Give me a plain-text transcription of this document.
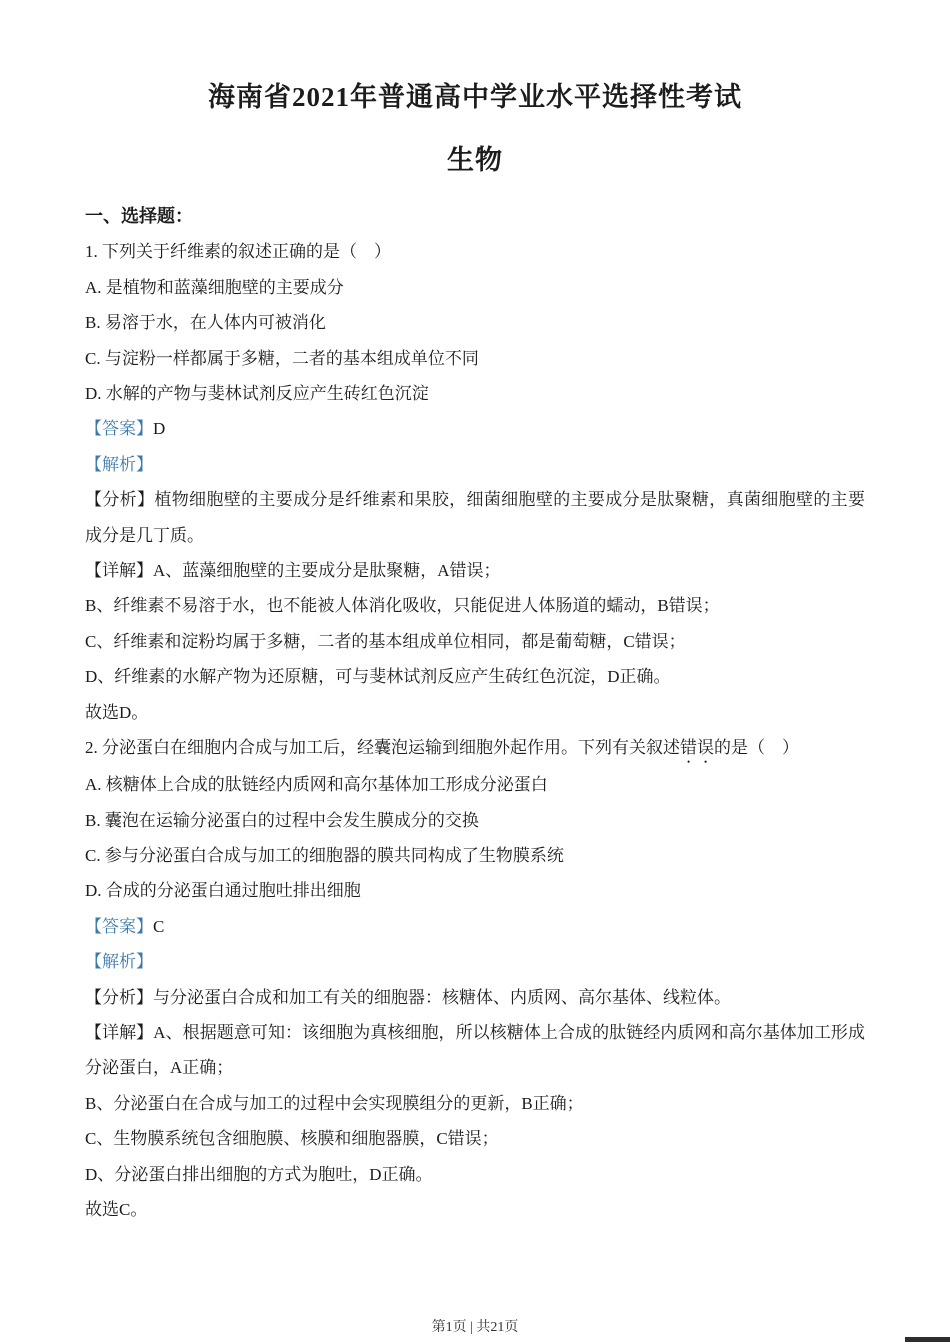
海南省2021年普通高中学业水平选择性考试
生物
一、选择题：
1. 下列关于纤维素的叙述正确的是（　）
A. 是植物和蓝藻细胞壁的主要成分
B. 易溶于水，在人体内可被消化
C. 与淀粉一样都属于多糖，二者的基本组成单位不同
D. 水解的产物与斐林试剂反应产生砖红色沉淀
【答案】D
【解析】
【分析】植物细胞壁的主要成分是纤维素和果胶，细菌细胞壁的主要成分是肽聚糖，真菌细胞壁的主要成分是几丁质。
【详解】A、蓝藻细胞壁的主要成分是肽聚糖，A错误；
B、纤维素不易溶于水，也不能被人体消化吸收，只能促进人体肠道的蠕动，B错误；
C、纤维素和淀粉均属于多糖，二者的基本组成单位相同，都是葡萄糖，C错误；
D、纤维素的水解产物为还原糖，可与斐林试剂反应产生砖红色沉淀，D正确。
故选D。
2. 分泌蛋白在细胞内合成与加工后，经囊泡运输到细胞外起作用。下列有关叙述错误的是（　）
A. 核糖体上合成的肽链经内质网和高尔基体加工形成分泌蛋白
B. 囊泡在运输分泌蛋白的过程中会发生膜成分的交换
C. 参与分泌蛋白合成与加工的细胞器的膜共同构成了生物膜系统
D. 合成的分泌蛋白通过胞吐排出细胞
【答案】C
【解析】
【分析】与分泌蛋白合成和加工有关的细胞器：核糖体、内质网、高尔基体、线粒体。
【详解】A、根据题意可知：该细胞为真核细胞，所以核糖体上合成的肽链经内质网和高尔基体加工形成分泌蛋白，A正确；
B、分泌蛋白在合成与加工的过程中会实现膜组分的更新，B正确；
C、生物膜系统包含细胞膜、核膜和细胞器膜，C错误；
D、分泌蛋白排出细胞的方式为胞吐，D正确。
故选C。
第1页 | 共21页
